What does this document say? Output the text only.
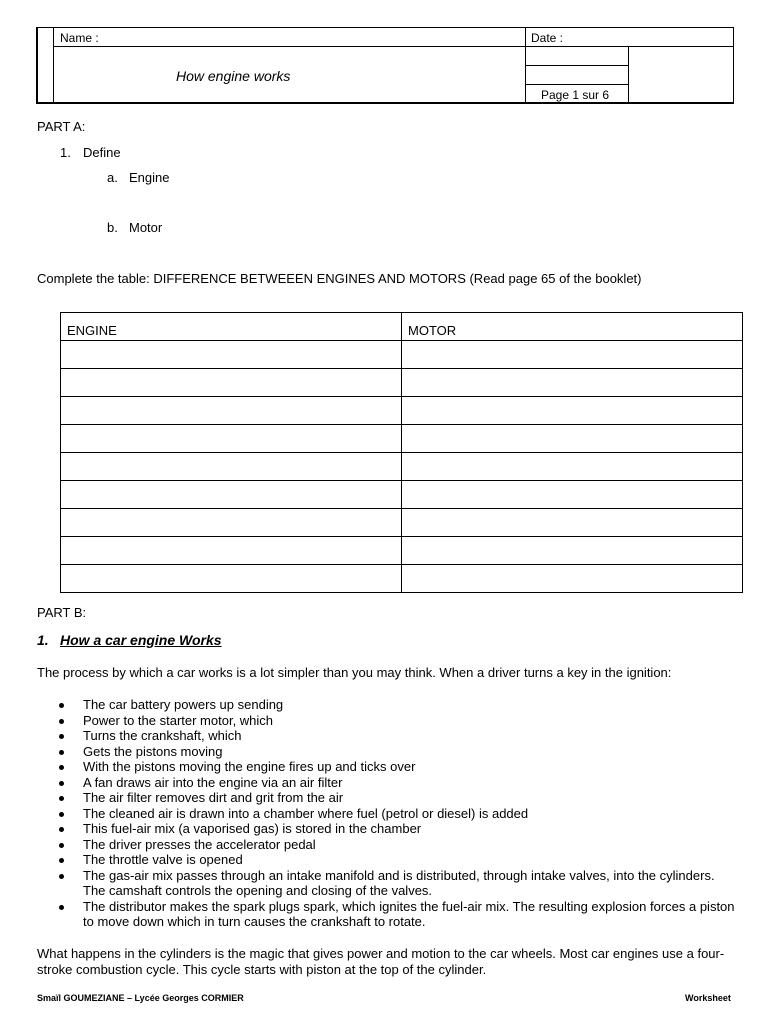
Name :	Date :
How engine works
Page 1 sur 6
PART A:
1. Define
a. Engine
b. Motor
Complete the table: DIFFERENCE BETWEEEN ENGINES AND MOTORS (Read page 65 of the booklet)
ENGINE	MOTOR

PART B:
1. How a car engine Works
The process by which a car works is a lot simpler than you may think. When a driver turns a key in the ignition:
The car battery powers up sending
Power to the starter motor, which
Turns the crankshaft, which
Gets the pistons moving
With the pistons moving the engine fires up and ticks over
A fan draws air into the engine via an air filter
The air filter removes dirt and grit from the air
The cleaned air is drawn into a chamber where fuel (petrol or diesel) is added
This fuel-air mix (a vaporised gas) is stored in the chamber
The driver presses the accelerator pedal
The throttle valve is opened
The gas-air mix passes through an intake manifold and is distributed, through intake valves, into the cylinders. The camshaft controls the opening and closing of the valves.
The distributor makes the spark plugs spark, which ignites the fuel-air mix. The resulting explosion forces a piston to move down which in turn causes the crankshaft to rotate.
What happens in the cylinders is the magic that gives power and motion to the car wheels. Most car engines use a four-stroke combustion cycle. This cycle starts with piston at the top of the cylinder.
Smaïl GOUMEZIANE – Lycée Georges CORMIER	Worksheet
